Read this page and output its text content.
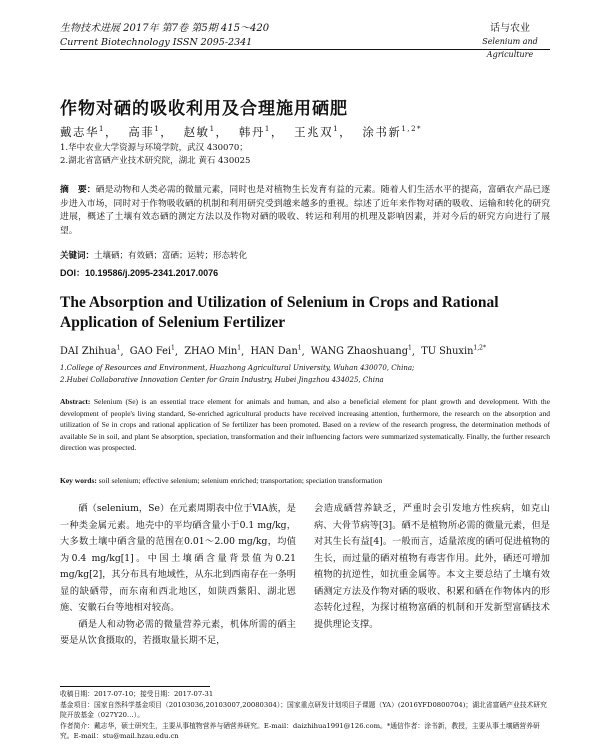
生物技术进展 2017年 第7卷 第5期 415～420
Current Biotechnology ISSN 2095-2341
话与农业
Selenium and Agriculture
作物对硒的吸收利用及合理施用硒肥
戴志华$^1$，  高菲$^1$，  赵敏$^1$，  韩丹$^1$，  王兆双$^1$，  涂书新$^{1,2*}$
1.华中农业大学资源与环境学院，武汉 430070；
2.湖北省富硒产业技术研究院，湖北 黄石 430025
摘　要：硒是动物和人类必需的微量元素，同时也是对植物生长发育有益的元素。随着人们生活水平的提高，富硒农产品已逐步进入市场，同时对于作物吸收硒的机制和利用研究受到越来越多的重视。综述了近年来作物对硒的吸收、运输和转化的研究进展，概述了土壤有效态硒的测定方法以及作物对硒的吸收、转运和利用的机理及影响因素，并对今后的研究方向进行了展望。
关键词：土壤硒；有效硒；富硒；运转；形态转化
DOI：10.19586/j.2095-2341.2017.0076
The Absorption and Utilization of Selenium in Crops and Rational Application of Selenium Fertilizer
DAI Zhihua$^1$,  GAO Fei$^1$,  ZHAO Min$^1$,  HAN Dan$^1$,  WANG Zhaoshuang$^1$,  TU Shuxin$^{1,2*}$
1.College of Resources and Environment, Huazhong Agricultural University, Wuhan 430070, China;
2.Hubei Collaborative Innovation Center for Grain Industry, Hubei Jingzhou 434025, China
Abstract: Selenium (Se) is an essential trace element for animals and human, and also a beneficial element for plant growth and development. With the development of people's living standard, Se-enriched agricultural products have received increasing attention, furthermore, the research on the absorption and utilization of Se in crops and rational application of Se fertilizer has been promoted. Based on a review of the research progress, the determination methods of available Se in soil, and plant Se absorption, speciation, transformation and their influencing factors were summarized systematically. Finally, the further research direction was prospected.
Key words: soil selenium; effective selenium; selenium enriched; transportation; speciation transformation

硒（selenium，Se）在元素周期表中位于ⅥA族，是一种类金属元素。地壳中的平均硒含量小于0.1 mg/kg，大多数土壤中硒含量的范围在0.01～2.00 mg/kg，均值为0.4 mg/kg[1]。中国土壤硒含量背景值为0.21 mg/kg[2]，其分布具有地域性，从东北到西南存在一条明显的缺硒带，而东南和西北地区，如陕西紫阳、湖北恩施、安徽石台等地相对较高。

硒是人和动物必需的微量营养元素，机体所需的硒主要是从饮食摄取的，若摄取量长期不足，

会造成硒营养缺乏，严重时会引发地方性疾病，如克山病、大骨节病等[3]。硒不是植物所必需的微量元素，但是对其生长有益[4]。一般而言，适量浓度的硒可促进植物的生长，而过量的硒对植物有毒害作用。此外，硒还可增加植物的抗逆性，如抗重金属等。本文主要总结了土壤有效硒测定方法及作物对硒的吸收、积累和硒在作物体内的形态转化过程，为探讨植物富硒的机制和开发新型富硒技术提供理论支撑。

收稿日期：2017-07-10；接受日期：2017-07-31
基金项目：国家自然科学基金项目（20103036,20103007,20080304）；国家重点研发计划项目子课题（YA）(2016YFD0800704)；湖北省富硒产业技术研究院开放基金（027Y20…）。
作者简介：戴志华，硕士研究生，主要从事植物营养与硒营养研究。E-mail：daizhihua1991@126.com。*通信作者：涂书新，教授，主要从事土壤硒营养研究。E-mail：stu@mail.hzau.edu.cn
